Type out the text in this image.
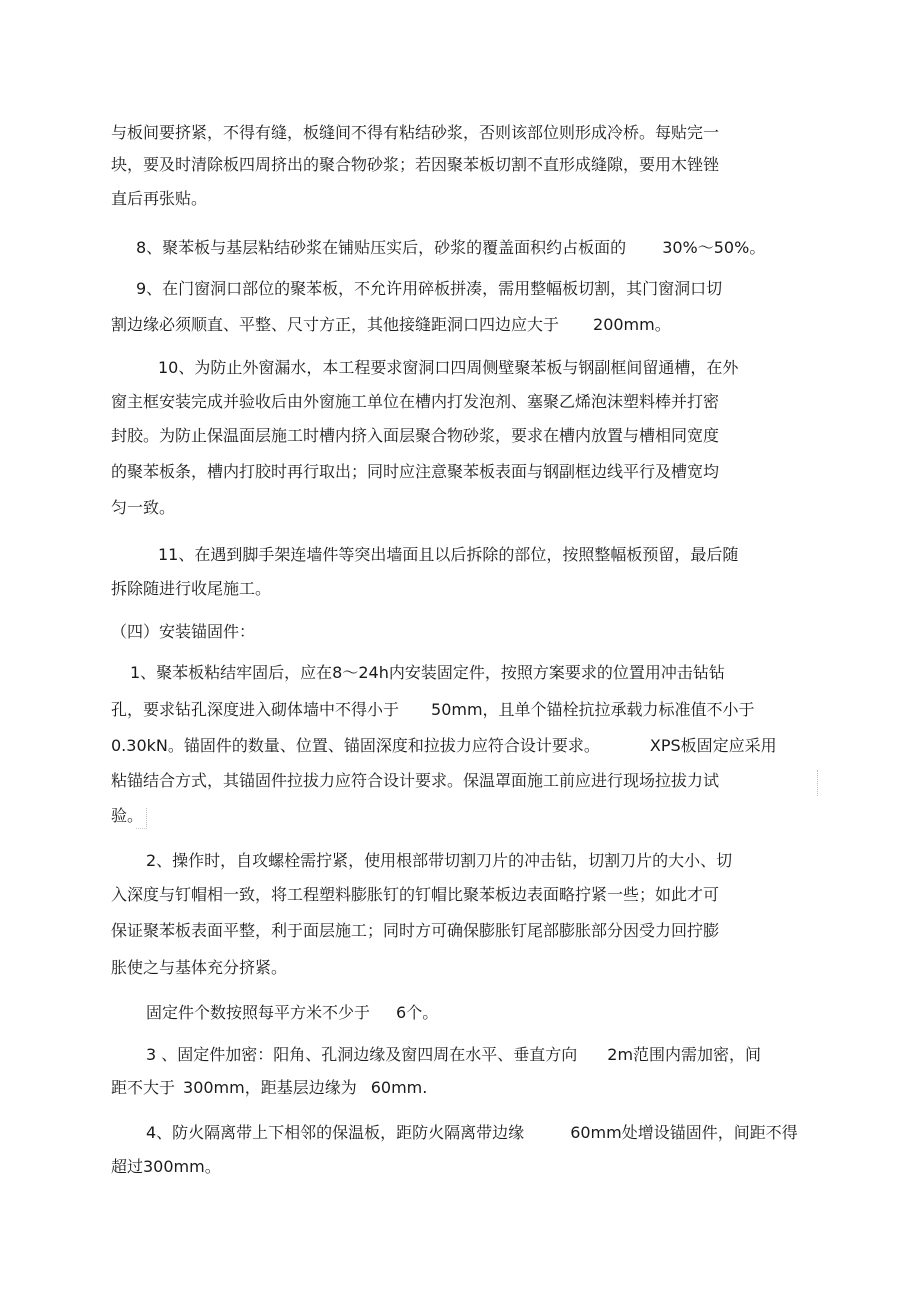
与板间要挤紧，不得有缝，板缝间不得有粘结砂浆，否则该部位则形成冷桥。每贴完一
块，要及时清除板四周挤出的聚合物砂浆；若因聚苯板切割不直形成缝隙，要用木锉锉
直后再张贴。
8、聚苯板与基层粘结砂浆在铺贴压实后，砂浆的覆盖面积约占板面的 30%～50%。
9、在门窗洞口部位的聚苯板，不允许用碎板拼凑，需用整幅板切割，其门窗洞口切
割边缘必须顺直、平整、尺寸方正，其他接缝距洞口四边应大于 200mm。
10、为防止外窗漏水，本工程要求窗洞口四周侧壁聚苯板与钢副框间留通槽，在外
窗主框安装完成并验收后由外窗施工单位在槽内打发泡剂、塞聚乙烯泡沫塑料棒并打密
封胶。为防止保温面层施工时槽内挤入面层聚合物砂浆，要求在槽内放置与槽相同宽度
的聚苯板条，槽内打胶时再行取出；同时应注意聚苯板表面与钢副框边线平行及槽宽均
匀一致。
11、在遇到脚手架连墙件等突出墙面且以后拆除的部位，按照整幅板预留，最后随
拆除随进行收尾施工。
（四）安装锚固件：
1、聚苯板粘结牢固后，应在8～24h内安装固定件，按照方案要求的位置用冲击钻钻
孔，要求钻孔深度进入砌体墙中不得小于 50mm，且单个锚栓抗拉承载力标准值不小于
0.30kN。锚固件的数量、位置、锚固深度和拉拔力应符合设计要求。	XPS板固定应采用
粘锚结合方式，其锚固件拉拔力应符合设计要求。保温罩面施工前应进行现场拉拔力试
验。
2、操作时，自攻螺栓需拧紧，使用根部带切割刀片的冲击钻，切割刀片的大小、切
入深度与钉帽相一致，将工程塑料膨胀钉的钉帽比聚苯板边表面略拧紧一些；如此才可
保证聚苯板表面平整，利于面层施工；同时方可确保膨胀钉尾部膨胀部分因受力回拧膨
胀使之与基体充分挤紧。
固定件个数按照每平方米不少于 6个。
3 、固定件加密：阳角、孔洞边缘及窗四周在水平、垂直方向 2m范围内需加密，间
距不大于 300mm，距基层边缘为 60mm.
4、防火隔离带上下相邻的保温板，距防火隔离带边缘	60mm处增设锚固件，间距不得
超过300mm。
